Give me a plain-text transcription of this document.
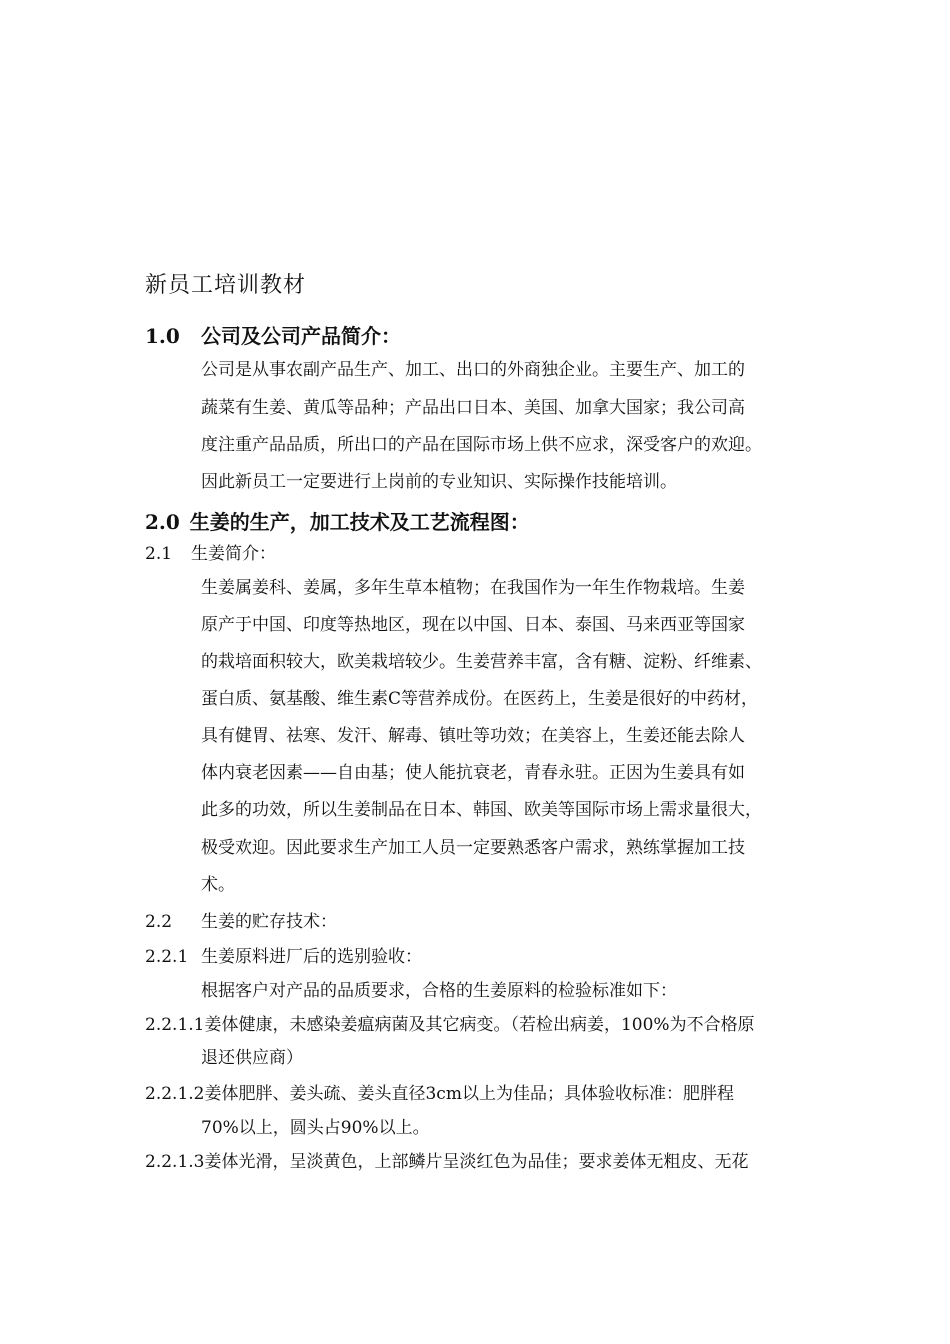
新员工培训教材
1.0 公司及公司产品简介：
公司是从事农副产品生产、加工、出口的外商独企业。主要生产、加工的
蔬菜有生姜、黄瓜等品种；产品出口日本、美国、加拿大国家；我公司高
度注重产品品质，所出口的产品在国际市场上供不应求，深受客户的欢迎。
因此新员工一定要进行上岗前的专业知识、实际操作技能培训。
2.0 生姜的生产，加工技术及工艺流程图：
2.1 生姜简介：
生姜属姜科、姜属，多年生草本植物；在我国作为一年生作物栽培。生姜
原产于中国、印度等热地区，现在以中国、日本、泰国、马来西亚等国家
的栽培面积较大，欧美栽培较少。生姜营养丰富，含有糖、淀粉、纤维素、
蛋白质、氨基酸、维生素C等营养成份。在医药上，生姜是很好的中药材，
具有健胃、祛寒、发汗、解毒、镇吐等功效；在美容上，生姜还能去除人
体内衰老因素——自由基；使人能抗衰老，青春永驻。正因为生姜具有如
此多的功效，所以生姜制品在日本、韩国、欧美等国际市场上需求量很大，
极受欢迎。因此要求生产加工人员一定要熟悉客户需求，熟练掌握加工技
术。
2.2 生姜的贮存技术：
2.2.1 生姜原料进厂后的选别验收：
根据客户对产品的品质要求，合格的生姜原料的检验标准如下：
2.2.1.1姜体健康，未感染姜瘟病菌及其它病变。（若检出病姜，100%为不合格原
退还供应商）
2.2.1.2姜体肥胖、姜头疏、姜头直径3cm以上为佳品；具体验收标准：肥胖程
70%以上，圆头占90%以上。
2.2.1.3姜体光滑，呈淡黄色，上部鳞片呈淡红色为品佳；要求姜体无粗皮、无花
